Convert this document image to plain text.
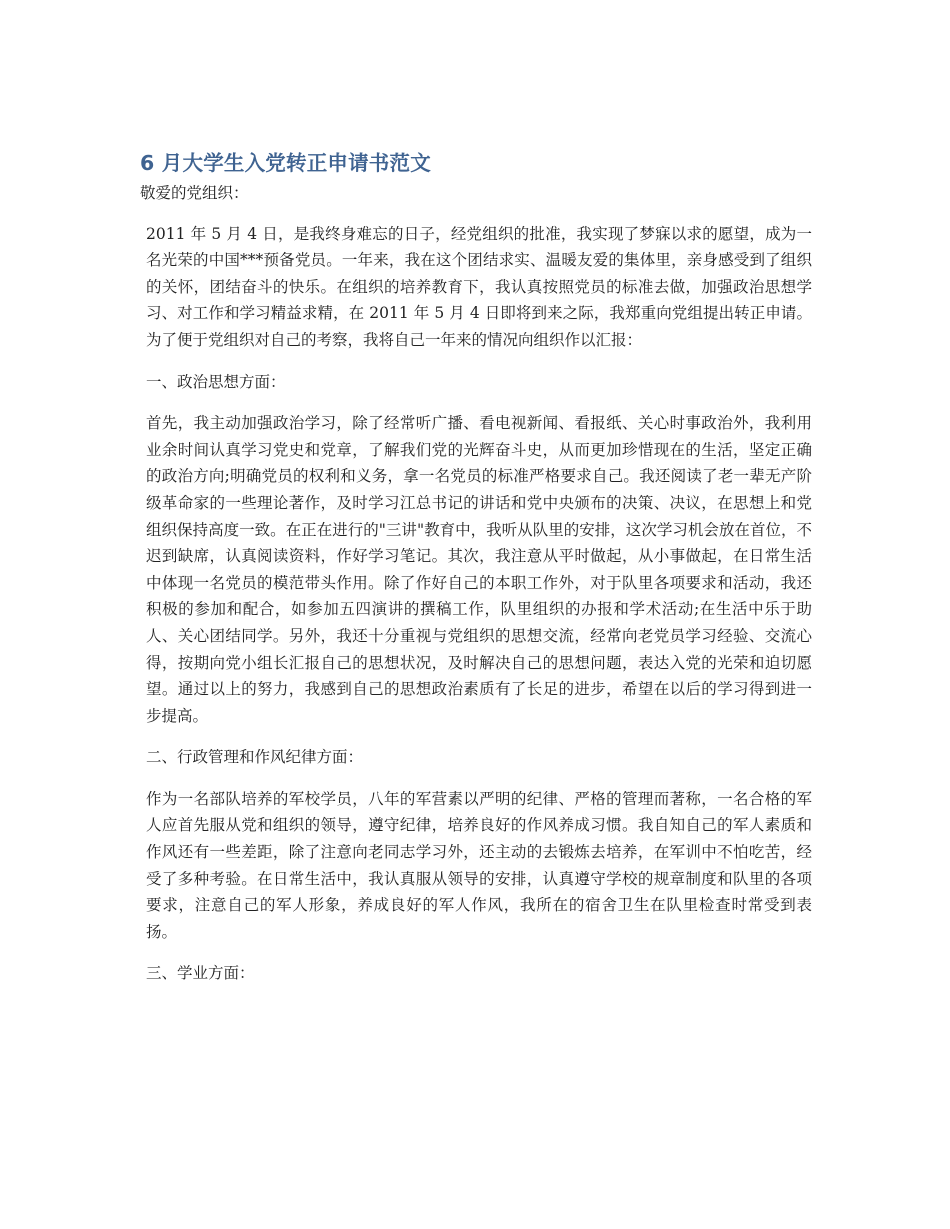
6 月大学生入党转正申请书范文

敬爱的党组织：

2011 年 5 月 4 日，是我终身难忘的日子，经党组织的批准，我实现了梦寐以求的愿望，成为一名光荣的中国***预备党员。一年来，我在这个团结求实、温暖友爱的集体里，亲身感受到了组织的关怀，团结奋斗的快乐。在组织的培养教育下，我认真按照党员的标准去做，加强政治思想学习、对工作和学习精益求精，在 2011 年 5 月 4 日即将到来之际，我郑重向党组提出转正申请。 为了便于党组织对自己的考察，我将自己一年来的情况向组织作以汇报：

一、政治思想方面：

首先，我主动加强政治学习，除了经常听广播、看电视新闻、看报纸、关心时事政治外，我利用业余时间认真学习党史和党章，了解我们党的光辉奋斗史，从而更加珍惜现在的生活，坚定正确的政治方向;明确党员的权利和义务，拿一名党员的标准严格要求自己。我还阅读了老一辈无产阶级革命家的一些理论著作，及时学习江总书记的讲话和党中央颁布的决策、决议，在思想上和党组织保持高度一致。在正在进行的"三讲"教育中，我听从队里的安排，这次学习机会放在首位，不迟到缺席，认真阅读资料，作好学习笔记。其次，我注意从平时做起，从小事做起，在日常生活中体现一名党员的模范带头作用。除了作好自己的本职工作外，对于队里各项要求和活动，我还积极的参加和配合，如参加五四演讲的撰稿工作，队里组织的办报和学术活动;在生活中乐于助人、关心团结同学。另外，我还十分重视与党组织的思想交流，经常向老党员学习经验、交流心得，按期向党小组长汇报自己的思想状况，及时解决自己的思想问题，表达入党的光荣和迫切愿望。通过以上的努力，我感到自己的思想政治素质有了长足的进步，希望在以后的学习得到进一步提高。

二、行政管理和作风纪律方面：

作为一名部队培养的军校学员，八年的军营素以严明的纪律、严格的管理而著称，一名合格的军人应首先服从党和组织的领导，遵守纪律，培养良好的作风养成习惯。我自知自己的军人素质和作风还有一些差距，除了注意向老同志学习外，还主动的去锻炼去培养，在军训中不怕吃苦，经受了多种考验。在日常生活中，我认真服从领导的安排，认真遵守学校的规章制度和队里的各项要求，注意自己的军人形象，养成良好的军人作风，我所在的宿舍卫生在队里检查时常受到表扬。

三、学业方面：
